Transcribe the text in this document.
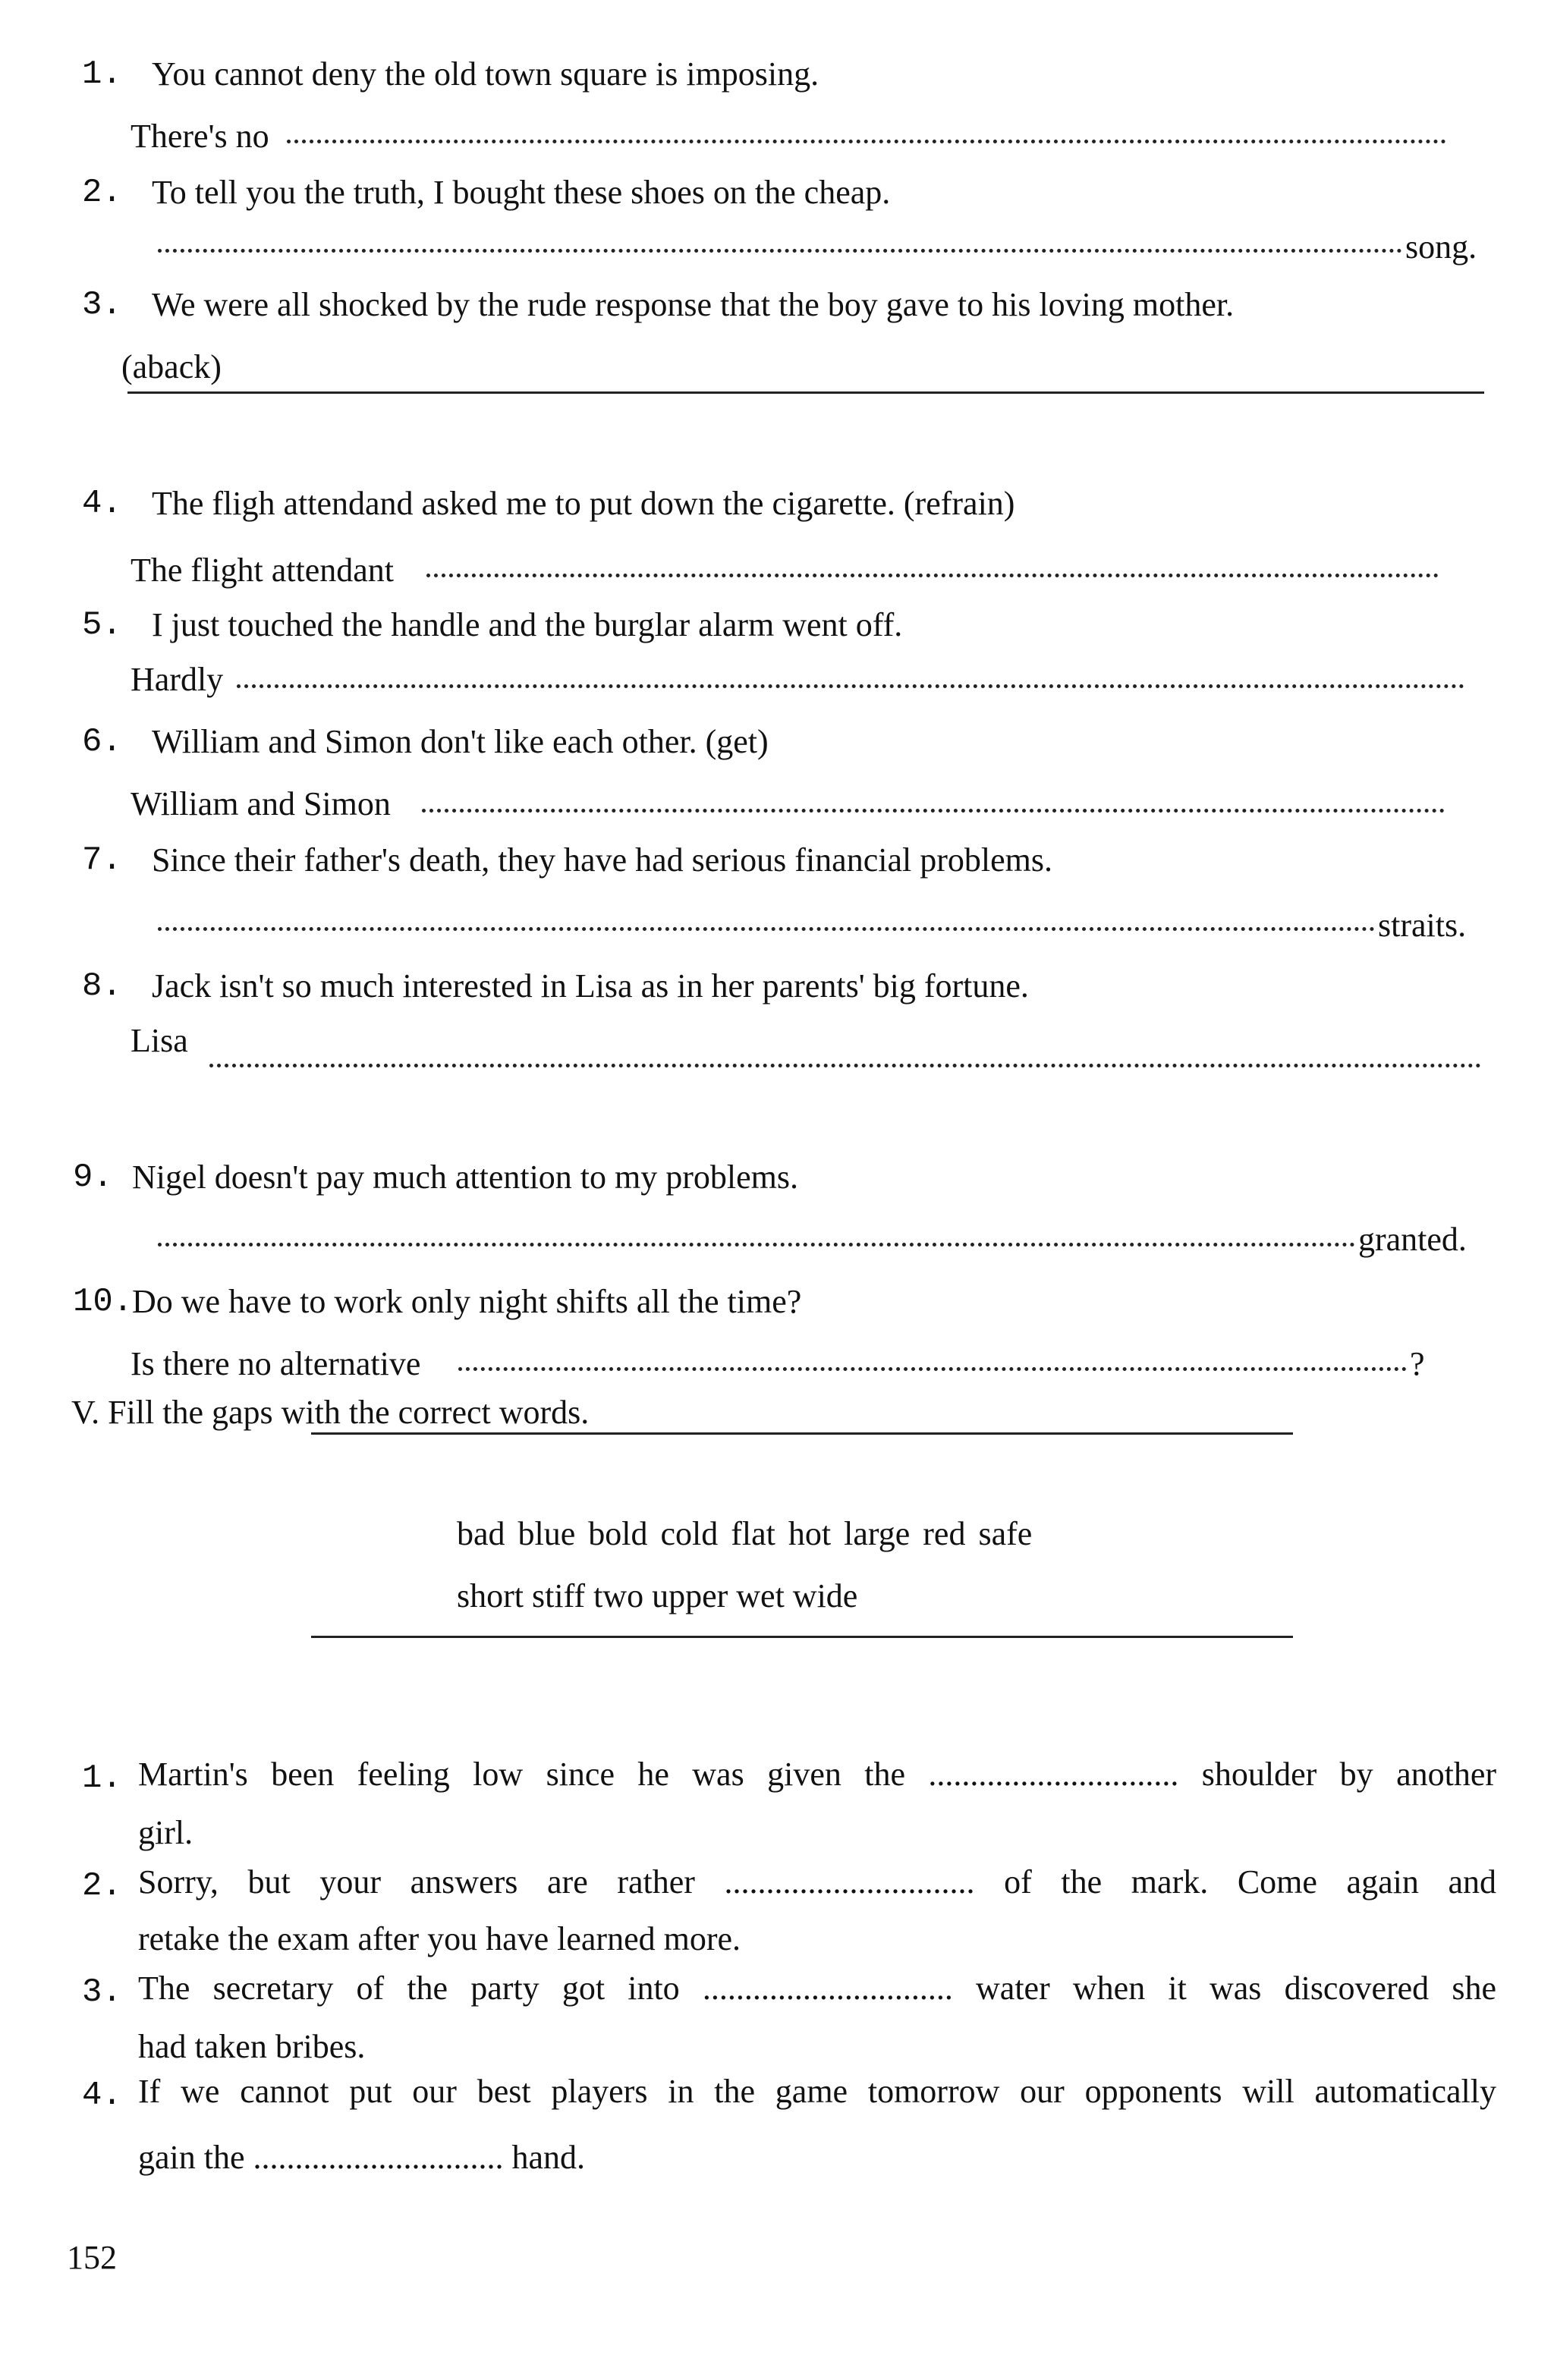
1. You cannot deny the old town square is imposing.
There's no
2. To tell you the truth, I bought these shoes on the cheap.
song.
3. We were all shocked by the rude response that the boy gave to his loving mother.
(aback)
4. The fligh attendand asked me to put down the cigarette. (refrain)
The flight attendant
5. I just touched the handle and the burglar alarm went off.
Hardly
6. William and Simon don't like each other. (get)
William and Simon
7. Since their father's death, they have had serious financial problems.
straits.
8. Jack isn't so much interested in Lisa as in her parents' big fortune.
Lisa
9. Nigel doesn't pay much attention to my problems.
granted.
10.
Do we have to work only night shifts all the time?
Is there no alternative	?
V. Fill the gaps with the correct words.
bad blue bold cold flat hot large red safe
short stiff two upper wet wide
1. Martin's been feeling low since he was given the .............................. shoulder by another
girl.
2. Sorry, but your answers are rather .............................. of the mark. Come again and
retake the exam after you have learned more.
3. The secretary of the party got into .............................. water when it was discovered she
had taken bribes.
4. If we cannot put our best players in the game tomorrow our opponents will automatically
gain the .............................. hand.
152
